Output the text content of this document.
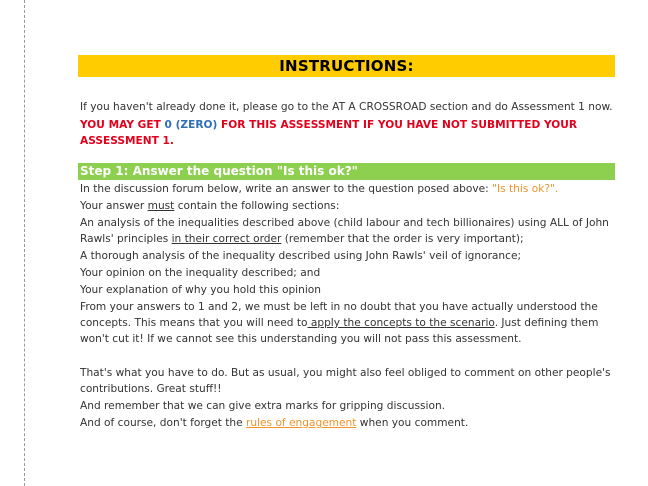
INSTRUCTIONS:

If you haven't already done it, please go to the AT A CROSSROAD section and do Assessment 1 now.

YOU MAY GET 0 (ZERO) FOR THIS ASSESSMENT IF YOU HAVE NOT SUBMITTED YOUR ASSESSMENT 1.

Step 1: Answer the question "Is this ok?"

In the discussion forum below, write an answer to the question posed above: "Is this ok?".

Your answer must contain the following sections:

An analysis of the inequalities described above (child labour and tech billionaires) using ALL of John Rawls' principles in their correct order (remember that the order is very important);

A thorough analysis of the inequality described using John Rawls' veil of ignorance;

Your opinion on the inequality described; and

Your explanation of why you hold this opinion

From your answers to 1 and 2, we must be left in no doubt that you have actually understood the concepts. This means that you will need to apply the concepts to the scenario. Just defining them won't cut it! If we cannot see this understanding you will not pass this assessment.

That's what you have to do. But as usual, you might also feel obliged to comment on other people's contributions. Great stuff!!

And remember that we can give extra marks for gripping discussion.

And of course, don't forget the rules of engagement when you comment.
